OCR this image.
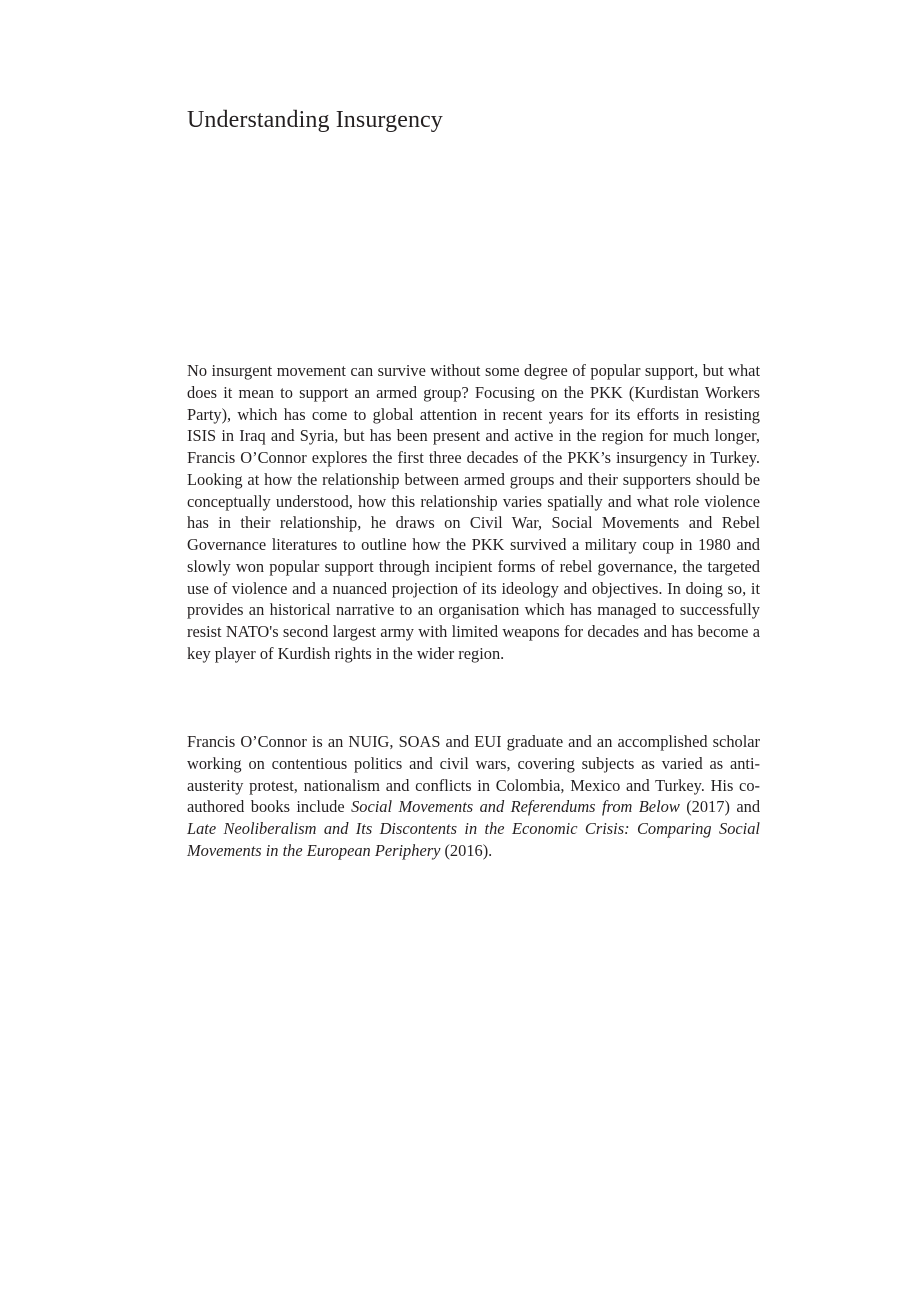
Understanding Insurgency

No insurgent movement can survive without some degree of popular support, but what does it mean to support an armed group? Focusing on the PKK (Kurdistan Workers Party), which has come to global attention in recent years for its efforts in resisting ISIS in Iraq and Syria, but has been present and active in the region for much longer, Francis O’Connor explores the first three decades of the PKK’s insurgency in Turkey. Looking at how the relationship between armed groups and their supporters should be conceptually understood, how this relationship varies spatially and what role violence has in their relationship, he draws on Civil War, Social Movements and Rebel Governance literatures to outline how the PKK survived a military coup in 1980 and slowly won popular support through incipient forms of rebel governance, the targeted use of violence and a nuanced projection of its ideology and objectives. In doing so, it provides an historical narrative to an organisation which has managed to successfully resist NATO's second largest army with limited weapons for decades and has become a key player of Kurdish rights in the wider region.

Francis O’Connor is an NUIG, SOAS and EUI graduate and an accomplished scholar working on contentious politics and civil wars, covering subjects as varied as anti-austerity protest, nationalism and conflicts in Colombia, Mexico and Turkey. His co-authored books include Social Movements and Referendums from Below (2017) and Late Neoliberalism and Its Discontents in the Economic Crisis: Comparing Social Movements in the European Periphery (2016).
